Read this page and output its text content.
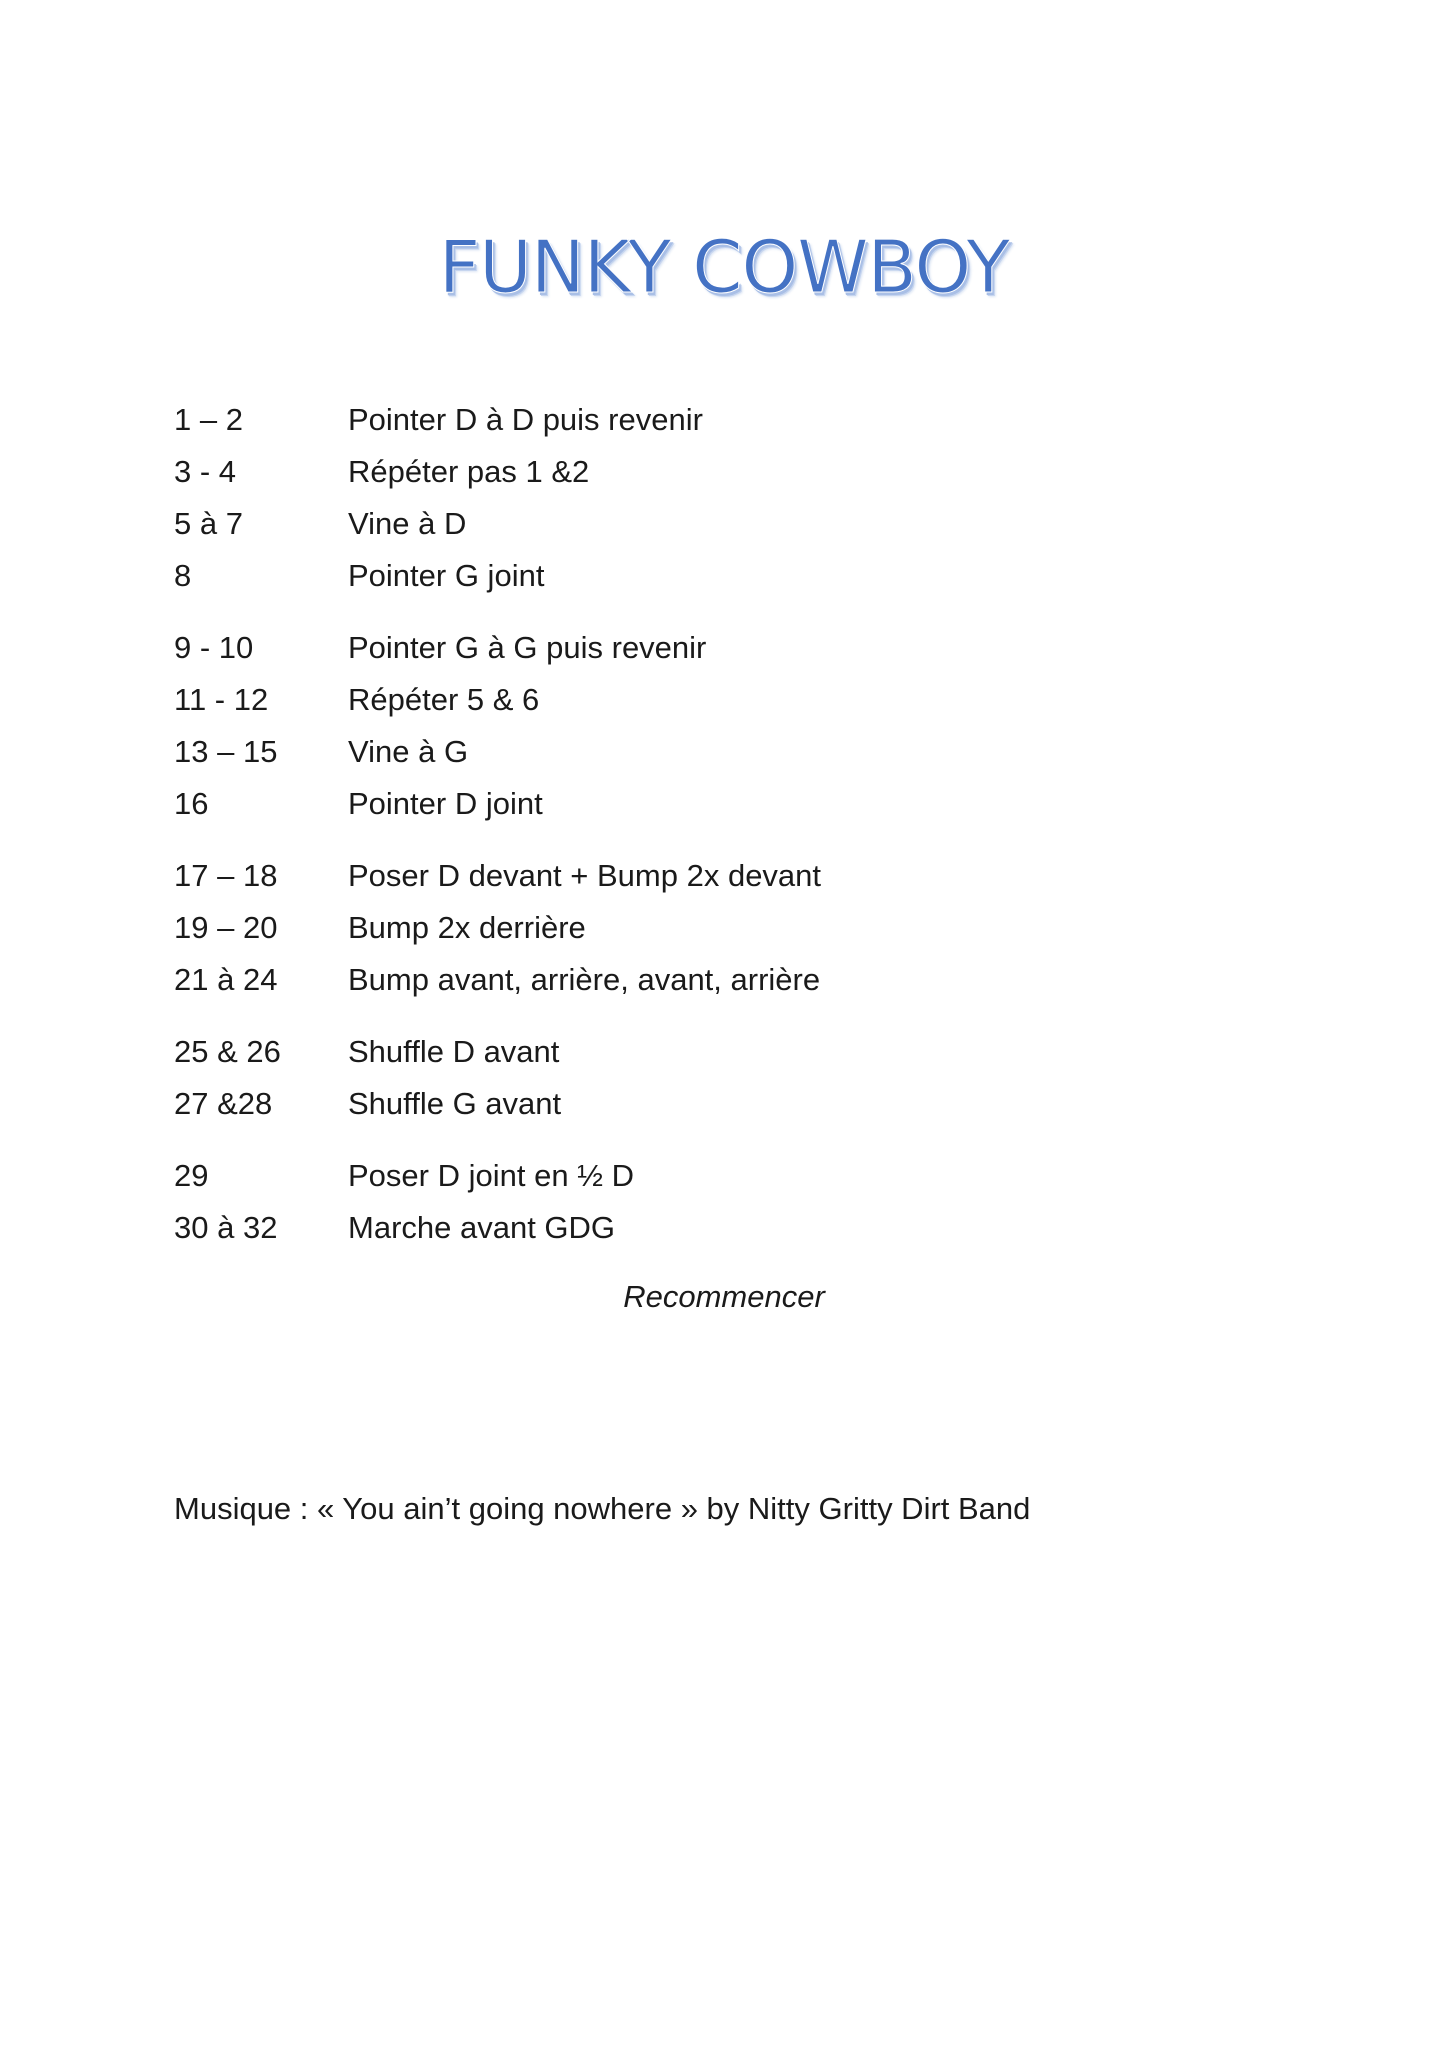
FUNKY COWBOY
1 – 2	Pointer D à D puis revenir
3 - 4	Répéter pas 1 &2
5 à 7	Vine à D
8	Pointer G joint
9 - 10	Pointer G à G puis revenir
11 - 12	Répéter 5 & 6
13 – 15	Vine à G
16	Pointer D joint
17 – 18	Poser D devant + Bump 2x devant
19 – 20	Bump 2x derrière
21 à 24	Bump avant, arrière, avant, arrière
25 & 26	Shuffle D avant
27 &28	Shuffle G avant
29	Poser D joint en ½ D
30 à 32	Marche avant GDG
Recommencer
Musique : « You ain’t going nowhere » by Nitty Gritty Dirt Band
